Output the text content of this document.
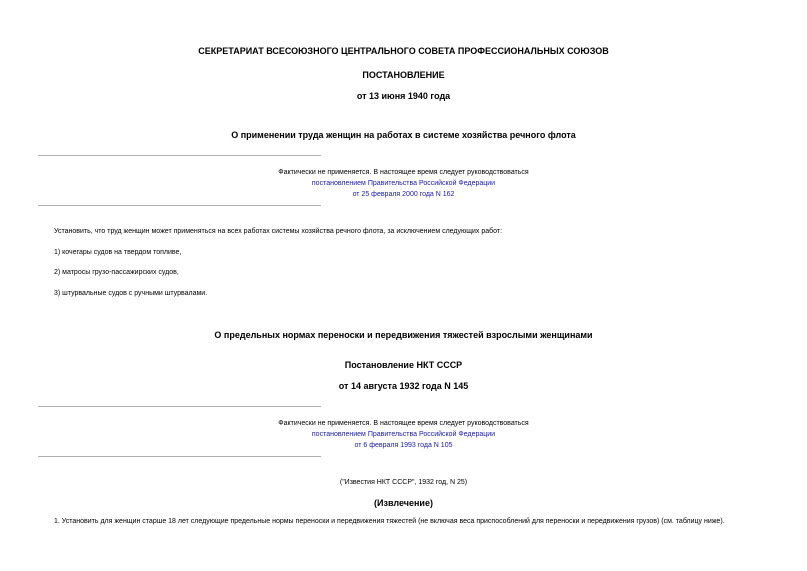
СЕКРЕТАРИАТ ВСЕСОЮЗНОГО ЦЕНТРАЛЬНОГО СОВЕТА ПРОФЕССИОНАЛЬНЫХ СОЮЗОВ
ПОСТАНОВЛЕНИЕ
от 13 июня 1940 года
О применении труда женщин на работах в системе хозяйства речного флота
Фактически не применяется. В настоящее время следует руководствоваться
постановлением Правительства Российской Федерации
от 25 февраля 2000 года N 162
Установить, что труд женщин может применяться на всех работах системы хозяйства речного флота, за исключением следующих работ:
1) кочегары судов на твердом топливе,
2) матросы грузо-пассажирских судов,
3) штурвальные судов с ручными штурвалами.
О предельных нормах переноски и передвижения тяжестей взрослыми женщинами
Постановление НКТ СССР
от 14 августа 1932 года N 145
Фактически не применяется. В настоящее время следует руководствоваться
постановлением Правительства Российской Федерации
от 6 февраля 1993 года N 105
("Известия НКТ СССР", 1932 год, N 25)
(Извлечение)
1. Установить для женщин старше 18 лет следующие предельные нормы переноски и передвижения тяжестей (не включая веса приспособлений для переноски и передвижения грузов) (см. таблицу ниже).
